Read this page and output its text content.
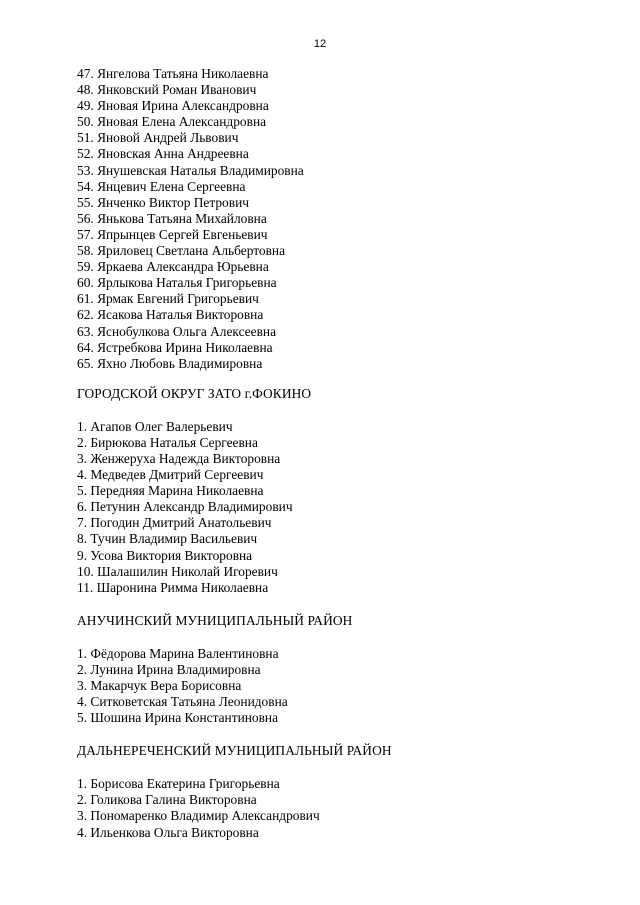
12
47. Янгелова Татьяна Николаевна
48. Янковский Роман Иванович
49. Яновая Ирина Александровна
50. Яновая Елена Александровна
51. Яновой Андрей Львович
52. Яновская Анна Андреевна
53. Янушевская Наталья Владимировна
54. Янцевич Елена Сергеевна
55. Янченко Виктор Петрович
56. Янькова Татьяна Михайловна
57. Япрынцев Сергей Евгеньевич
58. Яриловец Светлана Альбертовна
59. Яркаева Александра Юрьевна
60. Ярлыкова Наталья Григорьевна
61. Ярмак Евгений Григорьевич
62. Ясакова Наталья Викторовна
63. Яснобулкова Ольга Алексеевна
64. Ястребкова Ирина Николаевна
65. Яхно Любовь Владимировна
ГОРОДСКОЙ ОКРУГ ЗАТО г.ФОКИНО
1. Агапов Олег Валерьевич
2. Бирюкова Наталья Сергеевна
3. Женжеруха Надежда Викторовна
4. Медведев Дмитрий Сергеевич
5. Передняя Марина Николаевна
6. Петунин Александр Владимирович
7. Погодин Дмитрий Анатольевич
8. Тучин Владимир Васильевич
9. Усова Виктория Викторовна
10. Шалашилин Николай Игоревич
11. Шаронина Римма Николаевна
АНУЧИНСКИЙ МУНИЦИПАЛЬНЫЙ РАЙОН
1. Фёдорова Марина Валентиновна
2. Лунина Ирина Владимировна
3. Макарчук Вера Борисовна
4. Ситковетская Татьяна Леонидовна
5. Шошина Ирина Константиновна
ДАЛЬНЕРЕЧЕНСКИЙ МУНИЦИПАЛЬНЫЙ РАЙОН
1. Борисова Екатерина Григорьевна
2. Голикова Галина Викторовна
3. Пономаренко Владимир Александрович
4. Ильенкова Ольга Викторовна
